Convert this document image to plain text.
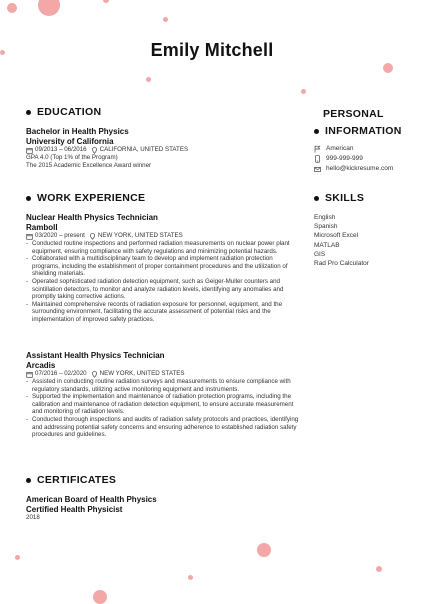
Emily Mitchell
EDUCATION
Bachelor in Health Physics
University of California
09/2013 – 06/2016 CALIFORNIA, UNITED STATES
GPA 4.0 (Top 1% of the Program)
The 2015 Academic Excellence Award winner
WORK EXPERIENCE
Nuclear Health Physics Technician
Ramboll
03/2020 – present NEW YORK, UNITED STATES
- Conducted routine inspections and performed radiation measurements on nuclear power plant equipment, ensuring compliance with safety regulations and minimizing potential hazards.
- Collaborated with a multidisciplinary team to develop and implement radiation protection programs, including the establishment of proper containment procedures and the utilization of shielding materials.
- Operated sophisticated radiation detection equipment, such as Geiger-Muller counters and scintillation detectors, to monitor and analyze radiation levels, identifying any anomalies and promptly taking corrective actions.
- Maintained comprehensive records of radiation exposure for personnel, equipment, and the surrounding environment, facilitating the accurate assessment of potential risks and the implementation of improved safety practices.
Assistant Health Physics Technician
Arcadis
07/2016 – 02/2020 NEW YORK, UNITED STATES
- Assisted in conducting routine radiation surveys and measurements to ensure compliance with regulatory standards, utilizing active monitoring equipment and instruments.
- Supported the implementation and maintenance of radiation protection programs, including the calibration and maintenance of radiation detection equipment, to ensure accurate measurement and monitoring of radiation levels.
- Conducted thorough inspections and audits of radiation safety protocols and practices, identifying and addressing potential safety concerns and ensuring adherence to established radiation safety procedures and guidelines.
CERTIFICATES
American Board of Health Physics
Certified Health Physicist
2018
PERSONAL
INFORMATION
American
999-999-999
hello@kickresume.com
SKILLS
English
Spanish
Microsoft Excel
MATLAB
GIS
Rad Pro Calculator
